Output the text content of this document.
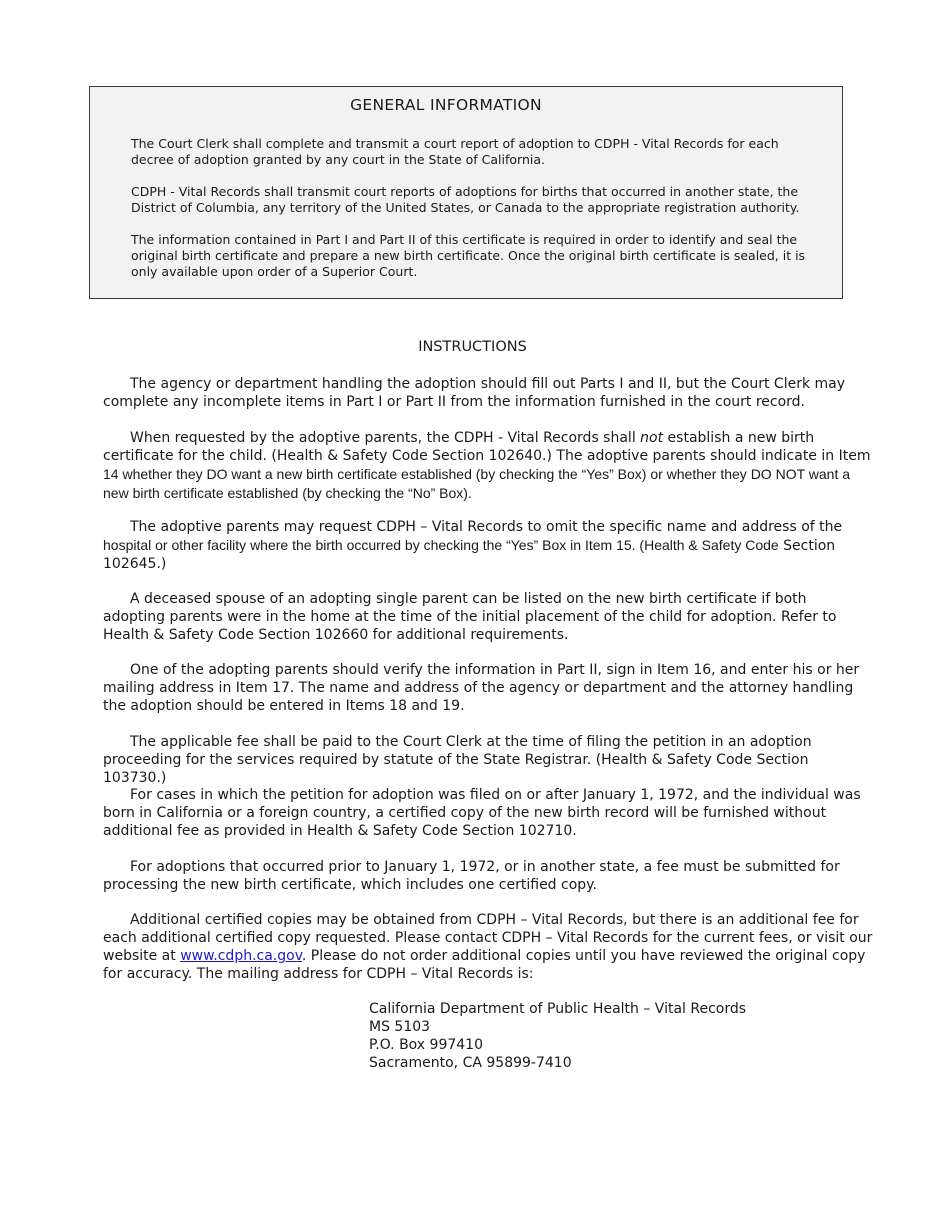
GENERAL INFORMATION

The Court Clerk shall complete and transmit a court report of adoption to CDPH - Vital Records for each decree of adoption granted by any court in the State of California.

CDPH - Vital Records shall transmit court reports of adoptions for births that occurred in another state, the District of Columbia, any territory of the United States, or Canada to the appropriate registration authority.

The information contained in Part I and Part II of this certificate is required in order to identify and seal the original birth certificate and prepare a new birth certificate. Once the original birth certificate is sealed, it is only available upon order of a Superior Court.

INSTRUCTIONS

The agency or department handling the adoption should fill out Parts I and II, but the Court Clerk may complete any incomplete items in Part I or Part II from the information furnished in the court record.

When requested by the adoptive parents, the CDPH - Vital Records shall not establish a new birth certificate for the child. (Health & Safety Code Section 102640.) The adoptive parents should indicate in Item 14 whether they DO want a new birth certificate established (by checking the “Yes” Box) or whether they DO NOT want a new birth certificate established (by checking the “No” Box).

The adoptive parents may request CDPH – Vital Records to omit the specific name and address of the hospital or other facility where the birth occurred by checking the “Yes” Box in Item 15. (Health & Safety Code Section 102645.)

A deceased spouse of an adopting single parent can be listed on the new birth certificate if both adopting parents were in the home at the time of the initial placement of the child for adoption. Refer to Health & Safety Code Section 102660 for additional requirements.

One of the adopting parents should verify the information in Part II, sign in Item 16, and enter his or her mailing address in Item 17. The name and address of the agency or department and the attorney handling the adoption should be entered in Items 18 and 19.

The applicable fee shall be paid to the Court Clerk at the time of filing the petition in an adoption proceeding for the services required by statute of the State Registrar. (Health & Safety Code Section 103730.)

For cases in which the petition for adoption was filed on or after January 1, 1972, and the individual was born in California or a foreign country, a certified copy of the new birth record will be furnished without additional fee as provided in Health & Safety Code Section 102710.

For adoptions that occurred prior to January 1, 1972, or in another state, a fee must be submitted for processing the new birth certificate, which includes one certified copy.

Additional certified copies may be obtained from CDPH – Vital Records, but there is an additional fee for each additional certified copy requested. Please contact CDPH – Vital Records for the current fees, or visit our website at www.cdph.ca.gov. Please do not order additional copies until you have reviewed the original copy for accuracy. The mailing address for CDPH – Vital Records is:

California Department of Public Health – Vital Records
MS 5103
P.O. Box 997410
Sacramento, CA 95899-7410
